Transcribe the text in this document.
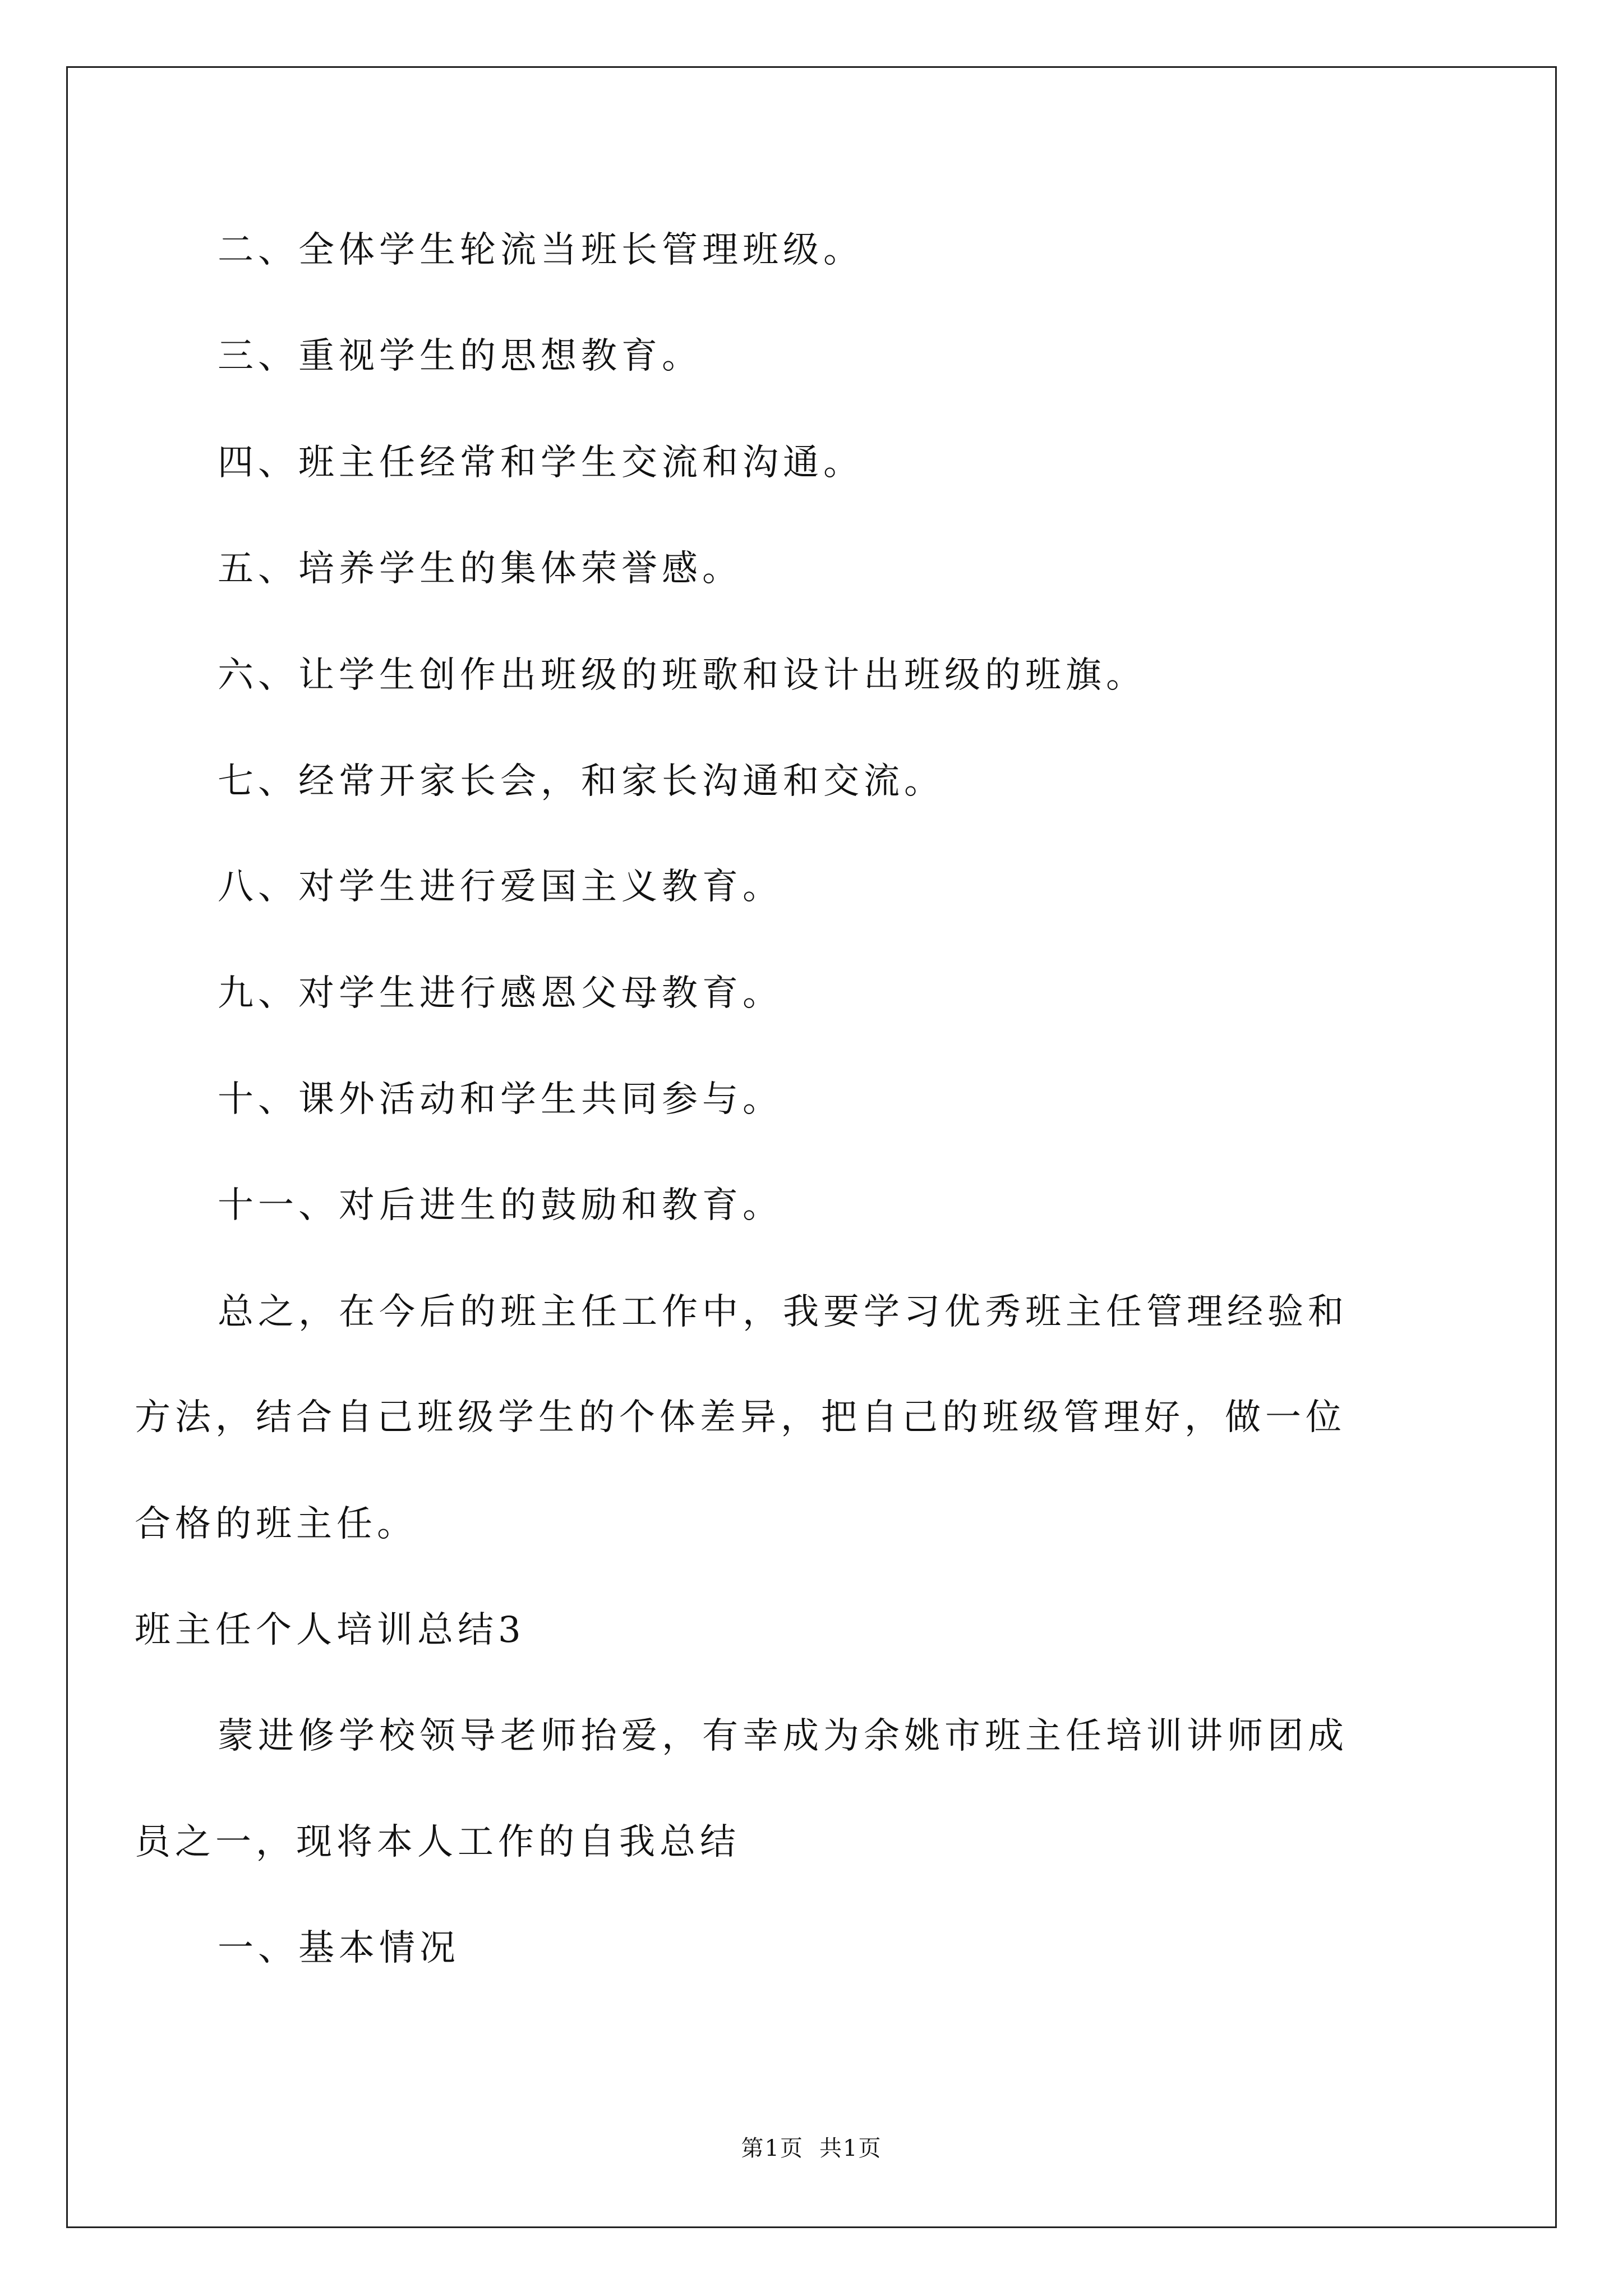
二、全体学生轮流当班长管理班级。
三、重视学生的思想教育。
四、班主任经常和学生交流和沟通。
五、培养学生的集体荣誉感。
六、让学生创作出班级的班歌和设计出班级的班旗。
七、经常开家长会，和家长沟通和交流。
八、对学生进行爱国主义教育。
九、对学生进行感恩父母教育。
十、课外活动和学生共同参与。
十一、对后进生的鼓励和教育。
总之，在今后的班主任工作中，我要学习优秀班主任管理经验和
方法，结合自己班级学生的个体差异，把自己的班级管理好，做一位
合格的班主任。
班主任个人培训总结3
蒙进修学校领导老师抬爱，有幸成为余姚市班主任培训讲师团成
员之一，现将本人工作的自我总结
一、基本情况
第1页 共1页
